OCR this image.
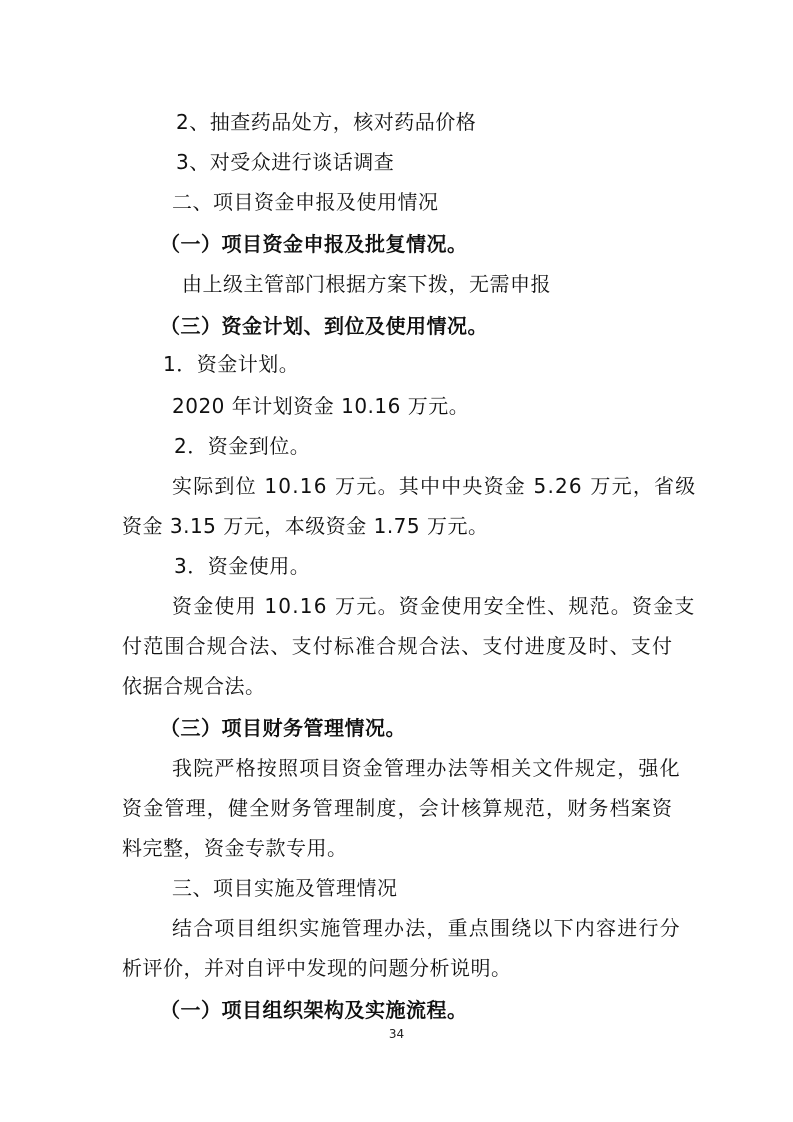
2、抽查药品处方，核对药品价格
3、对受众进行谈话调查
二、项目资金申报及使用情况
（一）项目资金申报及批复情况。
由上级主管部门根据方案下拨，无需申报
（三）资金计划、到位及使用情况。
1．资金计划。
2020 年计划资金 10.16 万元。
2．资金到位。
实际到位 10.16 万元。其中中央资金 5.26 万元，省级
资金 3.15 万元，本级资金 1.75 万元。
3．资金使用。
资金使用 10.16 万元。资金使用安全性、规范。资金支
付范围合规合法、支付标准合规合法、支付进度及时、支付
依据合规合法。
（三）项目财务管理情况。
我院严格按照项目资金管理办法等相关文件规定，强化
资金管理，健全财务管理制度，会计核算规范，财务档案资
料完整，资金专款专用。
三、项目实施及管理情况
结合项目组织实施管理办法，重点围绕以下内容进行分
析评价，并对自评中发现的问题分析说明。
（一）项目组织架构及实施流程。
34
